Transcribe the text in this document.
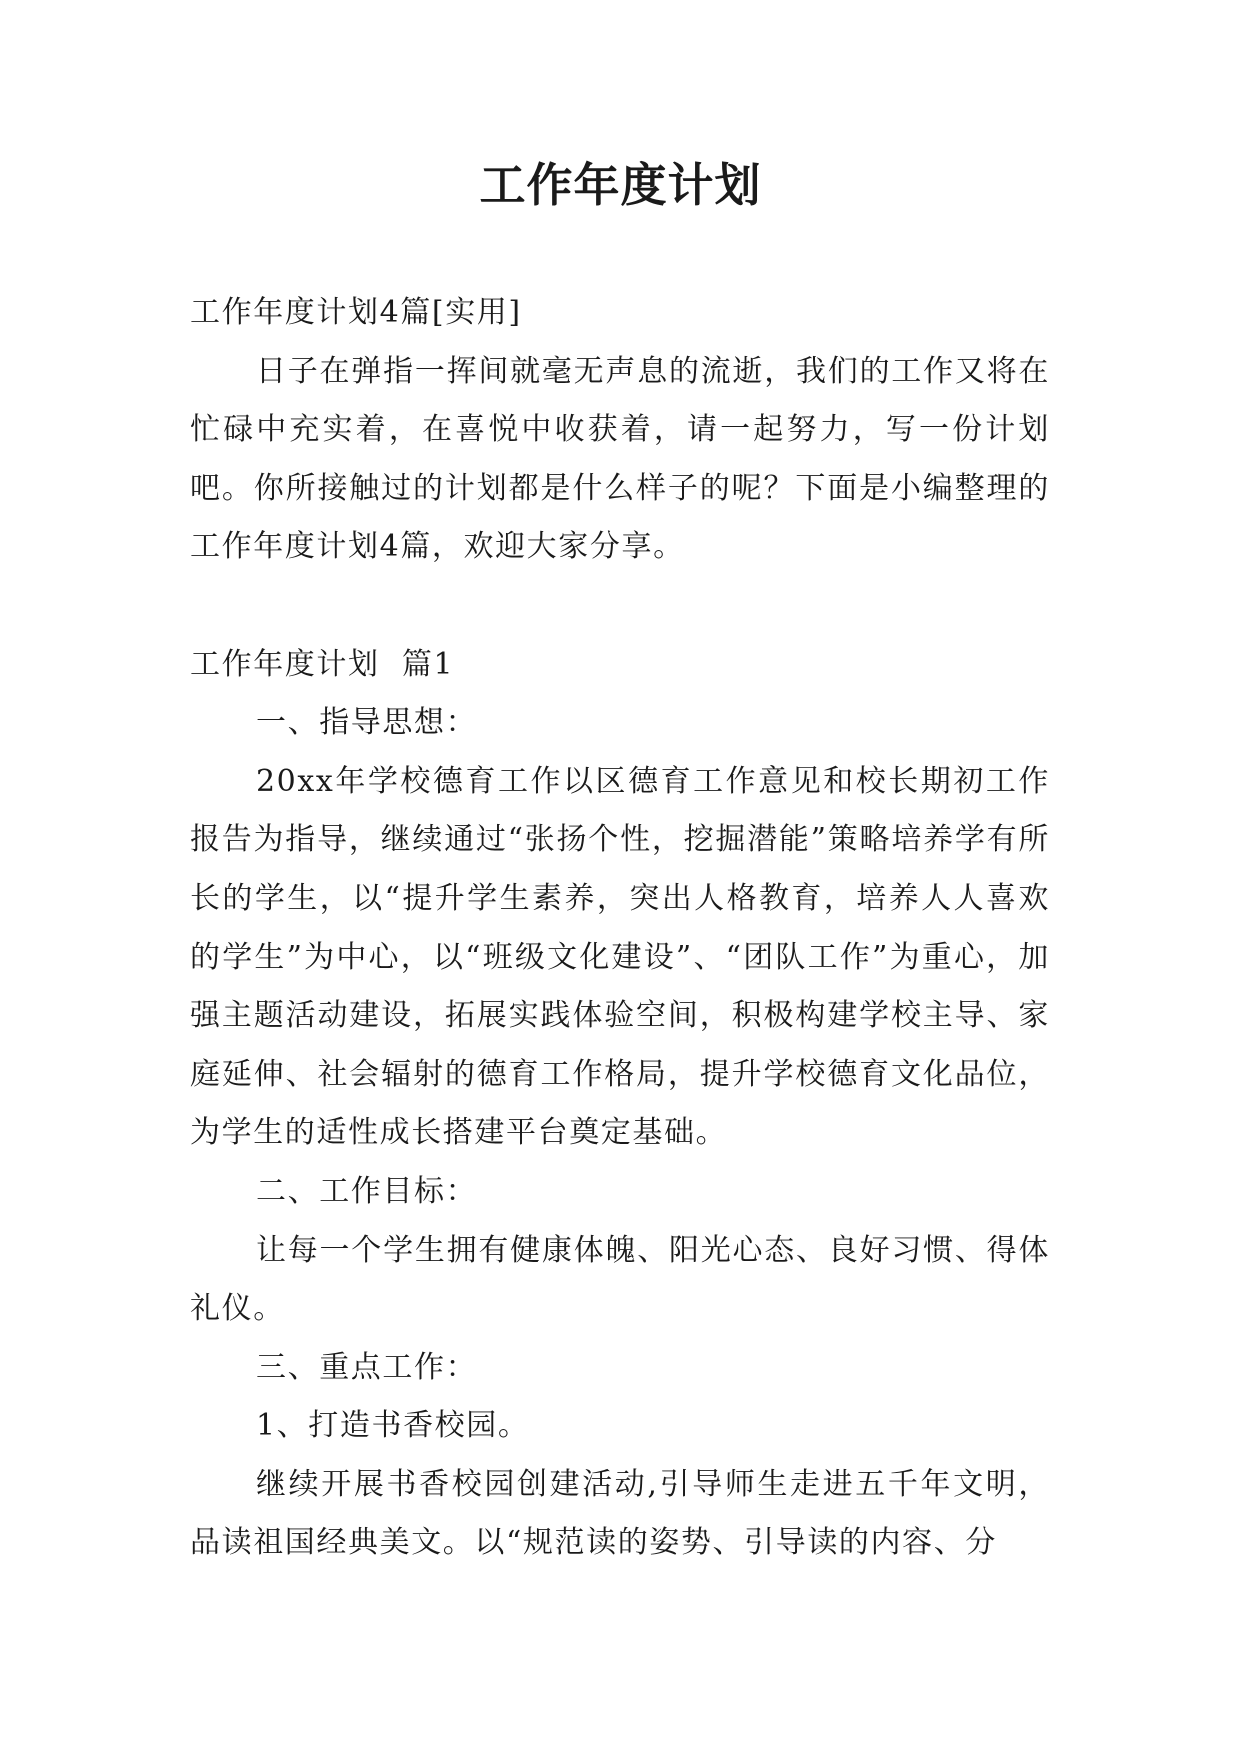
工作年度计划

工作年度计划4篇[实用]

日子在弹指一挥间就毫无声息的流逝，我们的工作又将在忙碌中充实着，在喜悦中收获着，请一起努力，写一份计划吧。你所接触过的计划都是什么样子的呢？下面是小编整理的工作年度计划4篇，欢迎大家分享。

工作年度计划  篇1

一、指导思想：

20xx年学校德育工作以区德育工作意见和校长期初工作报告为指导，继续通过“张扬个性，挖掘潜能”策略培养学有所长的学生，以“提升学生素养，突出人格教育，培养人人喜欢的学生”为中心，以“班级文化建设”、“团队工作”为重心，加强主题活动建设，拓展实践体验空间，积极构建学校主导、家庭延伸、社会辐射的德育工作格局，提升学校德育文化品位，为学生的适性成长搭建平台奠定基础。

二、工作目标：

让每一个学生拥有健康体魄、阳光心态、良好习惯、得体礼仪。

三、重点工作：

1、打造书香校园。

继续开展书香校园创建活动,引导师生走进五千年文明，品读祖国经典美文。以“规范读的姿势、引导读的内容、分
